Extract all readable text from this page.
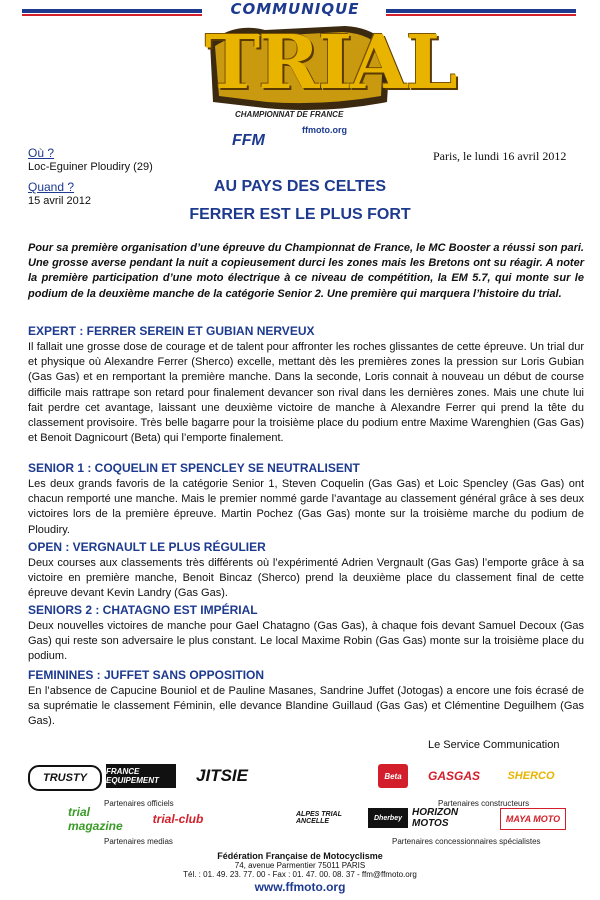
COMMUNIQUE
TRIAL
CHAMPIONNAT DE FRANCE
FFM
ffmoto.org
Où ?
Loc-Eguiner Ploudiry (29)
Quand ?
15 avril 2012
Paris, le lundi 16 avril 2012
AU PAYS DES CELTES
FERRER EST LE PLUS FORT
Pour sa première organisation d’une épreuve du Championnat de France, le MC Booster a réussi son pari. Une grosse averse pendant la nuit a copieusement durci les zones mais les Bretons ont su réagir. A noter la première participation d’une moto électrique à ce niveau de compétition, la EM 5.7, qui monte sur le podium de la deuxième manche de la catégorie Senior 2. Une première qui marquera l’histoire du trial.
EXPERT : FERRER SEREIN ET GUBIAN NERVEUX
Il fallait une grosse dose de courage et de talent pour affronter les roches glissantes de cette épreuve. Un trial dur et physique où Alexandre Ferrer (Sherco) excelle, mettant dès les premières zones la pression sur Loris Gubian (Gas Gas) et en remportant la première manche. Dans la seconde, Loris connait à nouveau un début de course difficile mais rattrape son retard pour finalement devancer son rival dans les dernières zones. Mais une chute lui fait perdre cet avantage, laissant une deuxième victoire de manche à Alexandre Ferrer qui prend la tête du classement provisoire. Très belle bagarre pour la troisième place du podium entre Maxime Warenghien (Gas Gas) et Benoit Dagnicourt (Beta) qui l’emporte finalement.
SENIOR 1 : COQUELIN ET SPENCLEY SE NEUTRALISENT
Les deux grands favoris de la catégorie Senior 1, Steven Coquelin (Gas Gas) et Loic Spencley (Gas Gas) ont chacun remporté une manche. Mais le premier nommé garde l’avantage au classement général grâce à ses deux victoires lors de la première épreuve. Martin Pochez (Gas Gas) monte sur la troisième marche du podium de Ploudiry.
OPEN : VERGNAULT LE PLUS RÉGULIER
Deux courses aux classements très différents où l’expérimenté Adrien Vergnault (Gas Gas) l’emporte grâce à sa victoire en première manche, Benoit Bincaz (Sherco) prend la deuxième place du classement final de cette épreuve devant Kevin Landry (Gas Gas).
SENIORS 2 : CHATAGNO EST IMPÉRIAL
Deux nouvelles victoires de manche pour Gael Chatagno (Gas Gas), à chaque fois devant Samuel Decoux (Gas Gas) qui reste son adversaire le plus constant. Le local Maxime Robin (Gas Gas) monte sur la troisième place du podium.
FEMININES : JUFFET SANS OPPOSITION
En l’absence de Capucine Bouniol et de Pauline Masanes, Sandrine Juffet (Jotogas) a encore une fois écrasé de sa suprématie le classement Féminin, elle devance Blandine Guillaud (Gas Gas) et Clémentine Deguilhem (Gas Gas).
Le Service Communication
TRUSTY
FRANCE EQUIPEMENT	JITSIE
Partenaires officiels
Beta	GASGAS	SHERCO
Partenaires constructeurs
trial magazine	trial-club
Partenaires medias
ALPES TRIAL ANCELLE	Dherbey	HORIZON MOTOS	MAYA MOTO
Partenaires concessionnaires spécialistes
Fédération Française de Motocyclisme
74, avenue Parmentier 75011 PARIS
Tél. : 01. 49. 23. 77. 00 - Fax : 01. 47. 00. 08. 37 - ffm@ffmoto.org
www.ffmoto.org
